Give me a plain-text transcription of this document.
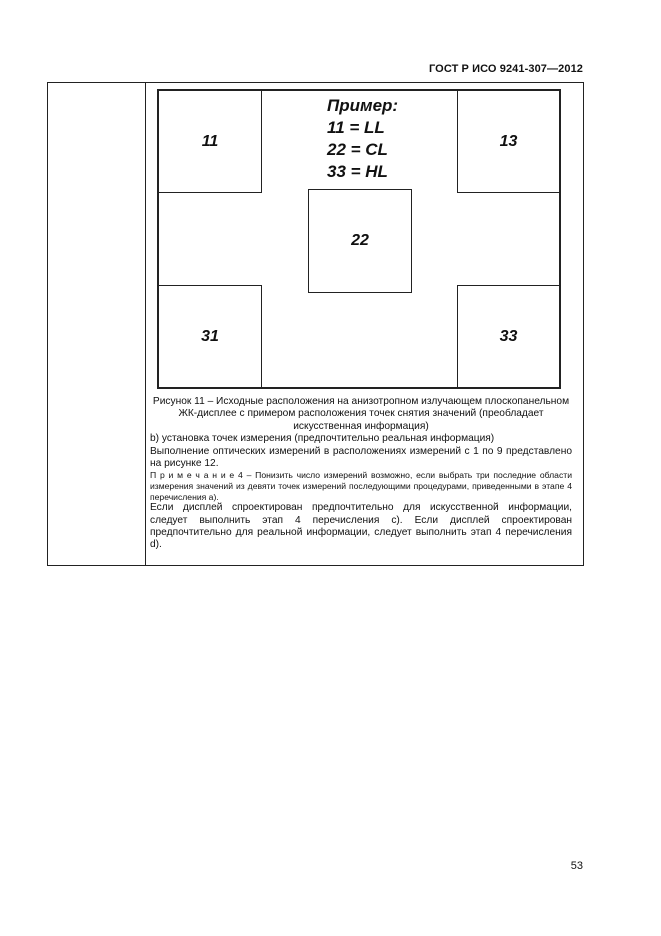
ГОСТ Р ИСО 9241-307—2012
11	13
22
31	33
Пример:
11 = LL
22 = CL
33 = HL

Рисунок 11 – Исходные расположения на анизотропном излучающем плоскопанельном ЖК-дисплее с примером расположения точек снятия значений (преобладает искусственная информация)

b) установка точек измерения (предпочтительно реальная информация)

Выполнение оптических измерений в расположениях измерений с 1 по 9 представлено на рисунке 12.

П р и м е ч а н и е 4 – Понизить число измерений возможно, если выбрать три последние области измерения значений из девяти точек измерений последующими процедурами, приведенными в этапе 4 перечисления а).

Если дисплей спроектирован предпочтительно для искусственной информации, следует выполнить этап 4 перечисления с). Если дисплей спроектирован предпочтительно для реальной информации, следует выполнить этап 4 перечисления d).

53
